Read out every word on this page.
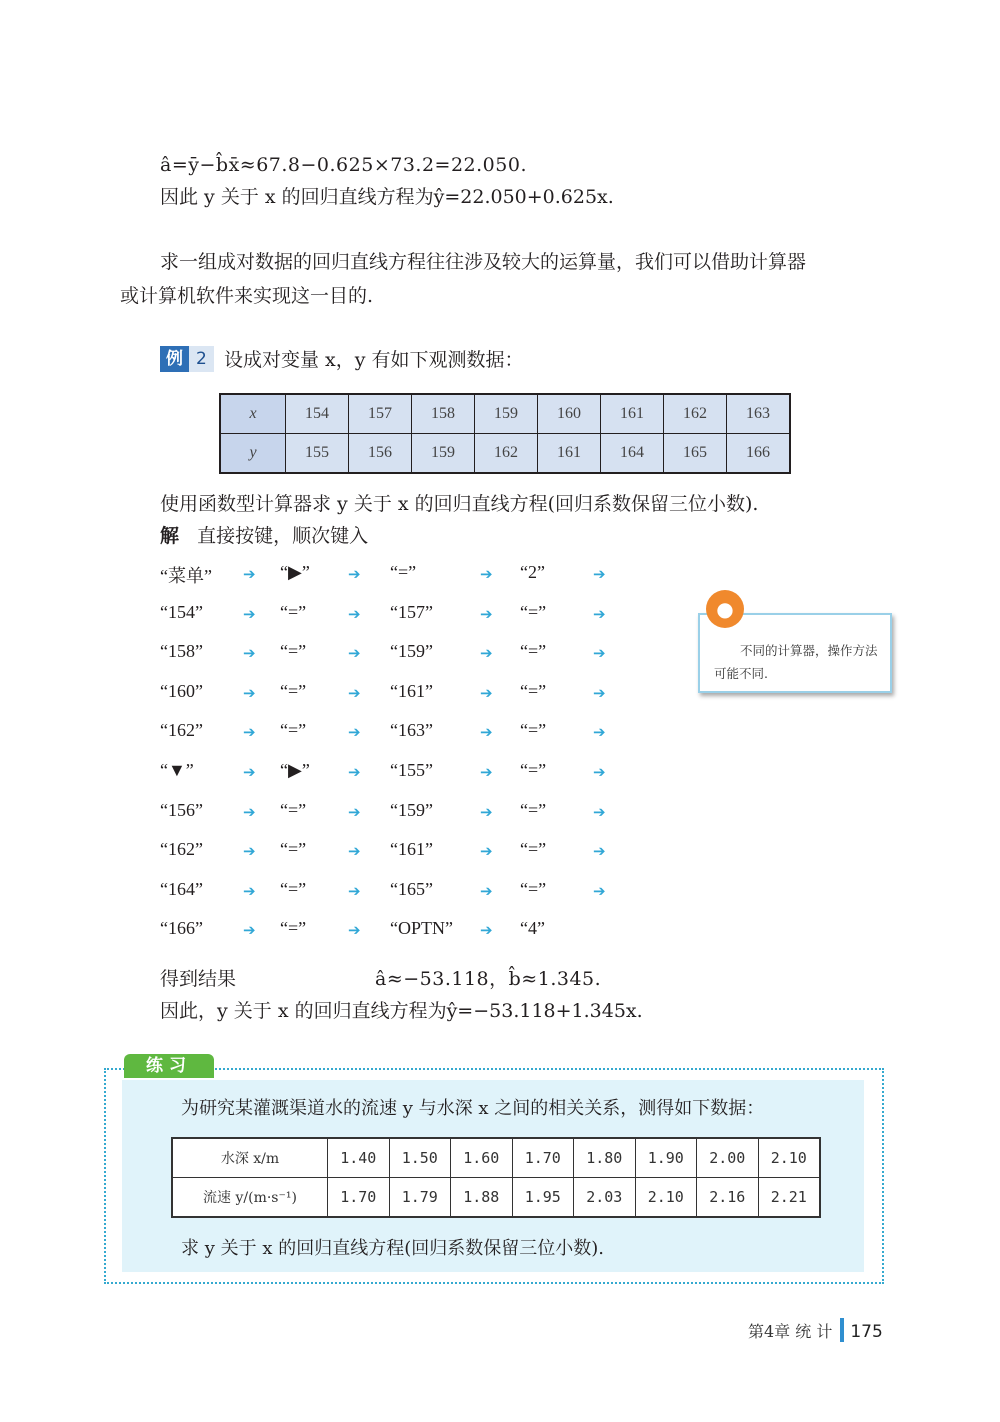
â=ȳ−b̂x̄≈67.8−0.625×73.2=22.050.
因此 y 关于 x 的回归直线方程为ŷ=22.050+0.625x.
求一组成对数据的回归直线方程往往涉及较大的运算量，我们可以借助计算器
或计算机软件来实现这一目的.
例 2 设成对变量 x，y 有如下观测数据：
x	154	157	158	159	160	161	162	163
y	155	156	159	162	161	164	165	166
使用函数型计算器求 y 关于 x 的回归直线方程(回归系数保留三位小数).
解 直接按键，顺次键入
“菜单” ➔ “▶”	➔ “=”	➔ “2”	➔
“154”	➔ “=”	➔ “157”	➔ “=”	➔
“158”	➔ “=”	➔ “159”	➔ “=”	➔
“160”	➔ “=”	➔ “161”	➔ “=”	➔
“162”	➔ “=”	➔ “163”	➔ “=”	➔
“▼”	➔ “▶”	➔ “155”	➔ “=”	➔
“156”	➔ “=”	➔ “159”	➔ “=”	➔
“162”	➔ “=”	➔ “161”	➔ “=”	➔
“164”	➔ “=”	➔ “165”	➔ “=”	➔
“166”	➔ “=”	➔ “OPTN” ➔ “4”
不同的计算器，操作方法可能不同.
●
得到结果	â≈−53.118，b̂≈1.345.
因此，y 关于 x 的回归直线方程为ŷ=−53.118+1.345x.
练习
为研究某灌溉渠道水的流速 y 与水深 x 之间的相关关系，测得如下数据：
水深 x/m	1.40	1.50	1.60	1.70	1.80	1.90	2.00	2.10
流速 y/(m·s⁻¹)	1.70	1.79	1.88	1.95	2.03	2.10	2.16	2.21
求 y 关于 x 的回归直线方程(回归系数保留三位小数).
第4章 统 计 175
